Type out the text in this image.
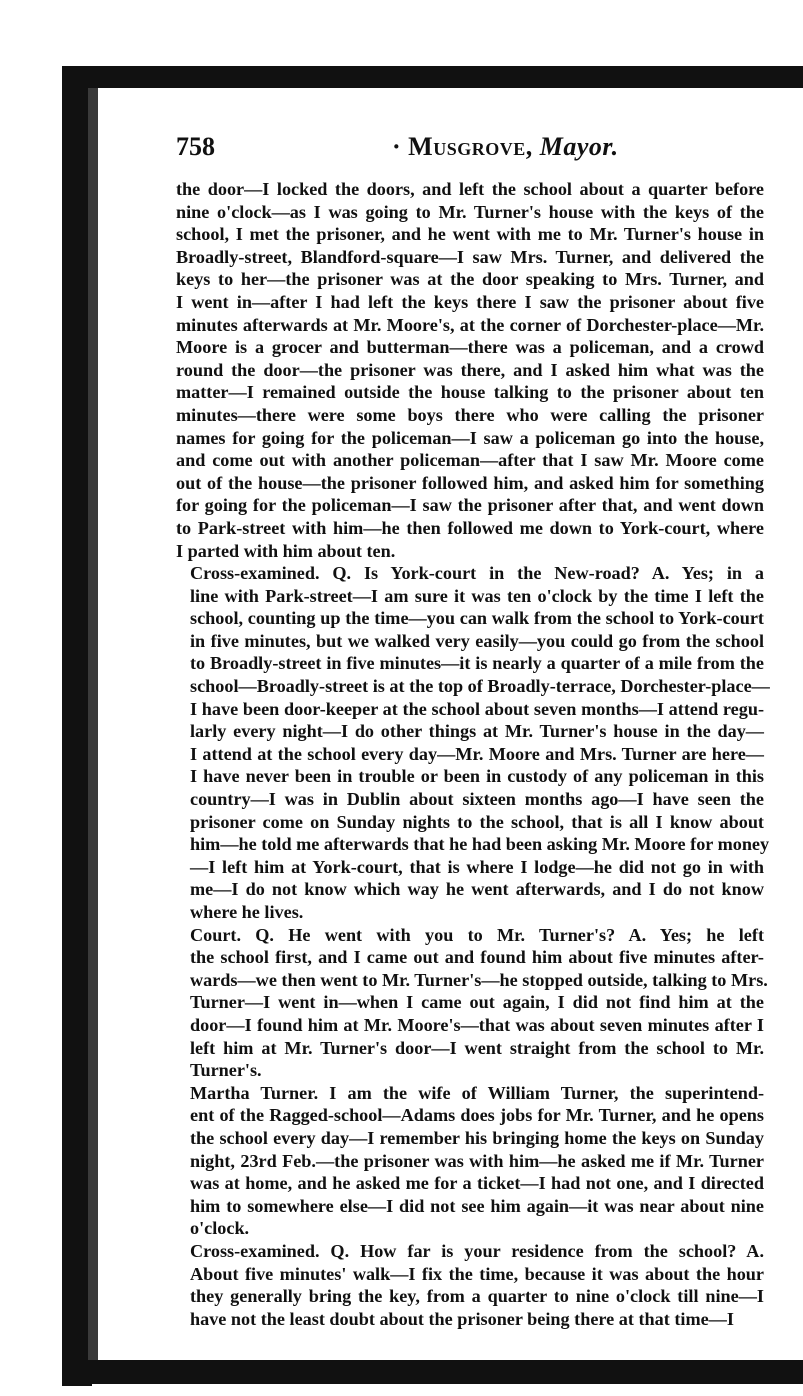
758	· Musgrove, Mayor.

the door—I locked the doors, and left the school about a quarter before
nine o'clock—as I was going to Mr. Turner's house with the keys of the
school, I met the prisoner, and he went with me to Mr. Turner's house in
Broadly-street, Blandford-square—I saw Mrs. Turner, and delivered the
keys to her—the prisoner was at the door speaking to Mrs. Turner, and
I went in—after I had left the keys there I saw the prisoner about five
minutes afterwards at Mr. Moore's, at the corner of Dorchester-place—Mr.
Moore is a grocer and butterman—there was a policeman, and a crowd
round the door—the prisoner was there, and I asked him what was the
matter—I remained outside the house talking to the prisoner about ten
minutes—there were some boys there who were calling the prisoner
names for going for the policeman—I saw a policeman go into the house,
and come out with another policeman—after that I saw Mr. Moore come
out of the house—the prisoner followed him, and asked him for something
for going for the policeman—I saw the prisoner after that, and went down
to Park-street with him—he then followed me down to York-court, where
I parted with him about ten.

Cross-examined. Q. Is York-court in the New-road? A. Yes; in a
line with Park-street—I am sure it was ten o'clock by the time I left the
school, counting up the time—you can walk from the school to York-court
in five minutes, but we walked very easily—you could go from the school
to Broadly-street in five minutes—it is nearly a quarter of a mile from the
school—Broadly-street is at the top of Broadly-terrace, Dorchester-place—
I have been door-keeper at the school about seven months—I attend regu-
larly every night—I do other things at Mr. Turner's house in the day—
I attend at the school every day—Mr. Moore and Mrs. Turner are here—
I have never been in trouble or been in custody of any policeman in this
country—I was in Dublin about sixteen months ago—I have seen the
prisoner come on Sunday nights to the school, that is all I know about
him—he told me afterwards that he had been asking Mr. Moore for money
—I left him at York-court, that is where I lodge—he did not go in with
me—I do not know which way he went afterwards, and I do not know
where he lives.

Court. Q. He went with you to Mr. Turner's? A. Yes; he left
the school first, and I came out and found him about five minutes after-
wards—we then went to Mr. Turner's—he stopped outside, talking to Mrs.
Turner—I went in—when I came out again, I did not find him at the
door—I found him at Mr. Moore's—that was about seven minutes after I
left him at Mr. Turner's door—I went straight from the school to Mr.
Turner's.

Martha Turner. I am the wife of William Turner, the superintend-
ent of the Ragged-school—Adams does jobs for Mr. Turner, and he opens
the school every day—I remember his bringing home the keys on Sunday
night, 23rd Feb.—the prisoner was with him—he asked me if Mr. Turner
was at home, and he asked me for a ticket—I had not one, and I directed
him to somewhere else—I did not see him again—it was near about nine
o'clock.

Cross-examined. Q. How far is your residence from the school? A.
About five minutes' walk—I fix the time, because it was about the hour
they generally bring the key, from a quarter to nine o'clock till nine—I
have not the least doubt about the prisoner being there at that time—I
